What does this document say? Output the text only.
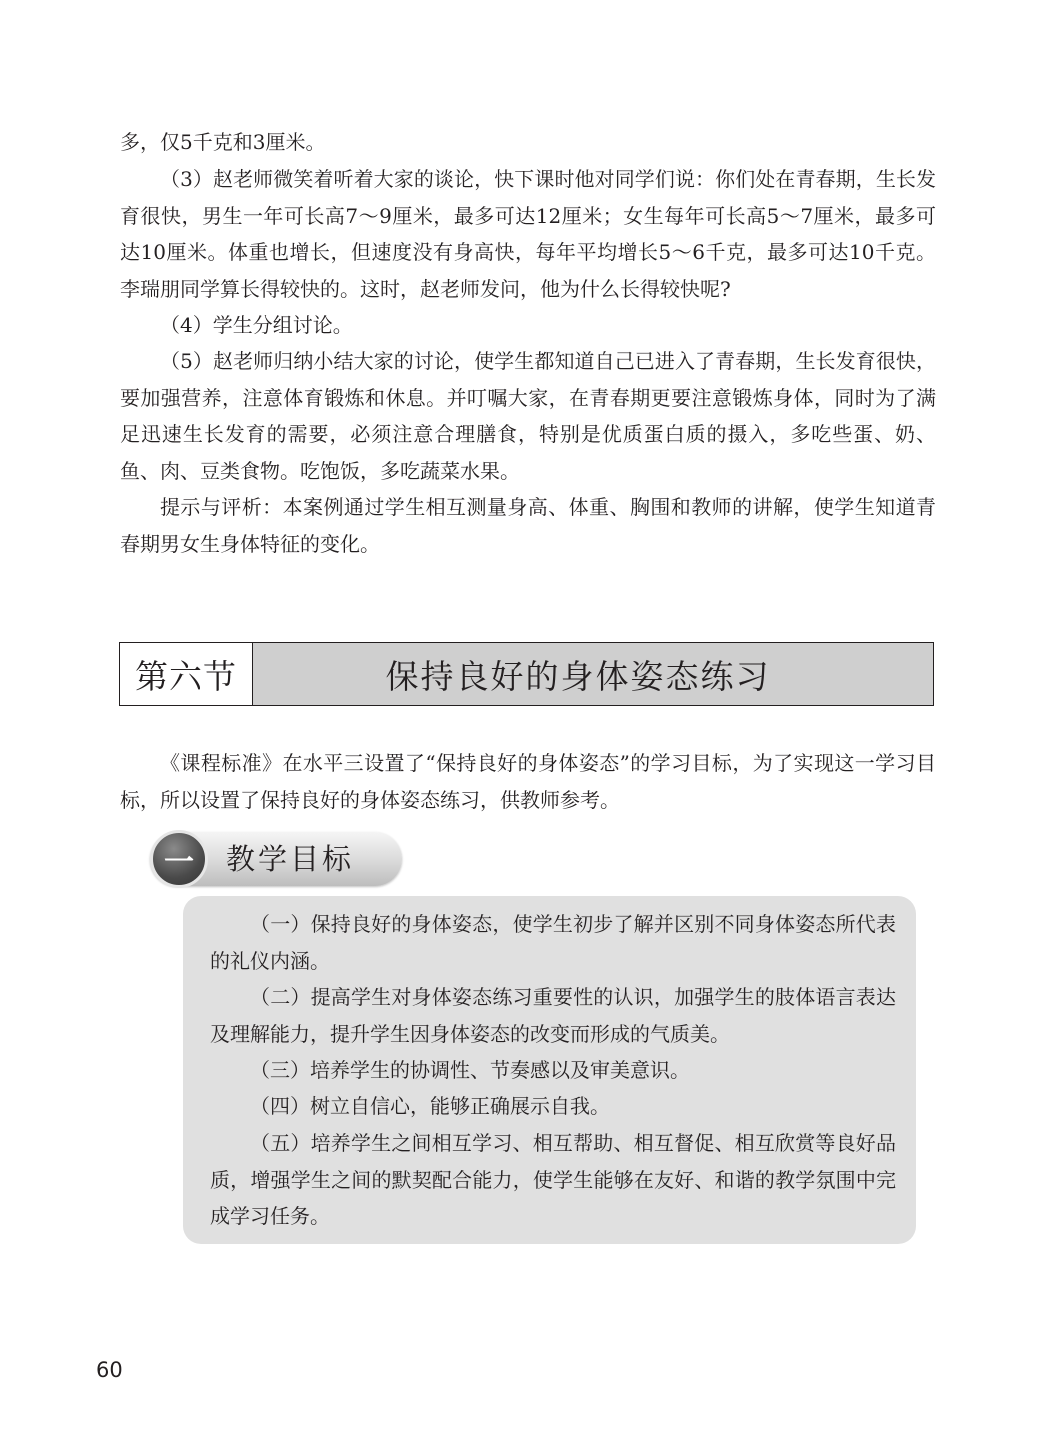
多，仅5千克和3厘米。

（3）赵老师微笑着听着大家的谈论，快下课时他对同学们说：你们处在青春期，生长发育很快，男生一年可长高7～9厘米，最多可达12厘米；女生每年可长高5～7厘米，最多可达10厘米。体重也增长，但速度没有身高快，每年平均增长5～6千克，最多可达10千克。李瑞朋同学算长得较快的。这时，赵老师发问，他为什么长得较快呢?

（4）学生分组讨论。

（5）赵老师归纳小结大家的讨论，使学生都知道自己已进入了青春期，生长发育很快，要加强营养，注意体育锻炼和休息。并叮嘱大家，在青春期更要注意锻炼身体，同时为了满足迅速生长发育的需要，必须注意合理膳食，特别是优质蛋白质的摄入，多吃些蛋、奶、鱼、肉、豆类食物。吃饱饭，多吃蔬菜水果。

提示与评析：本案例通过学生相互测量身高、体重、胸围和教师的讲解，使学生知道青春期男女生身体特征的变化。

第六节	保持良好的身体姿态练习

《课程标准》在水平三设置了“保持良好的身体姿态”的学习目标，为了实现这一学习目标，所以设置了保持良好的身体姿态练习，供教师参考。

一	教学目标

（一）保持良好的身体姿态，使学生初步了解并区别不同身体姿态所代表的礼仪内涵。

（二）提高学生对身体姿态练习重要性的认识，加强学生的肢体语言表达及理解能力，提升学生因身体姿态的改变而形成的气质美。

（三）培养学生的协调性、节奏感以及审美意识。

（四）树立自信心，能够正确展示自我。

（五）培养学生之间相互学习、相互帮助、相互督促、相互欣赏等良好品质，增强学生之间的默契配合能力，使学生能够在友好、和谐的教学氛围中完成学习任务。

60
